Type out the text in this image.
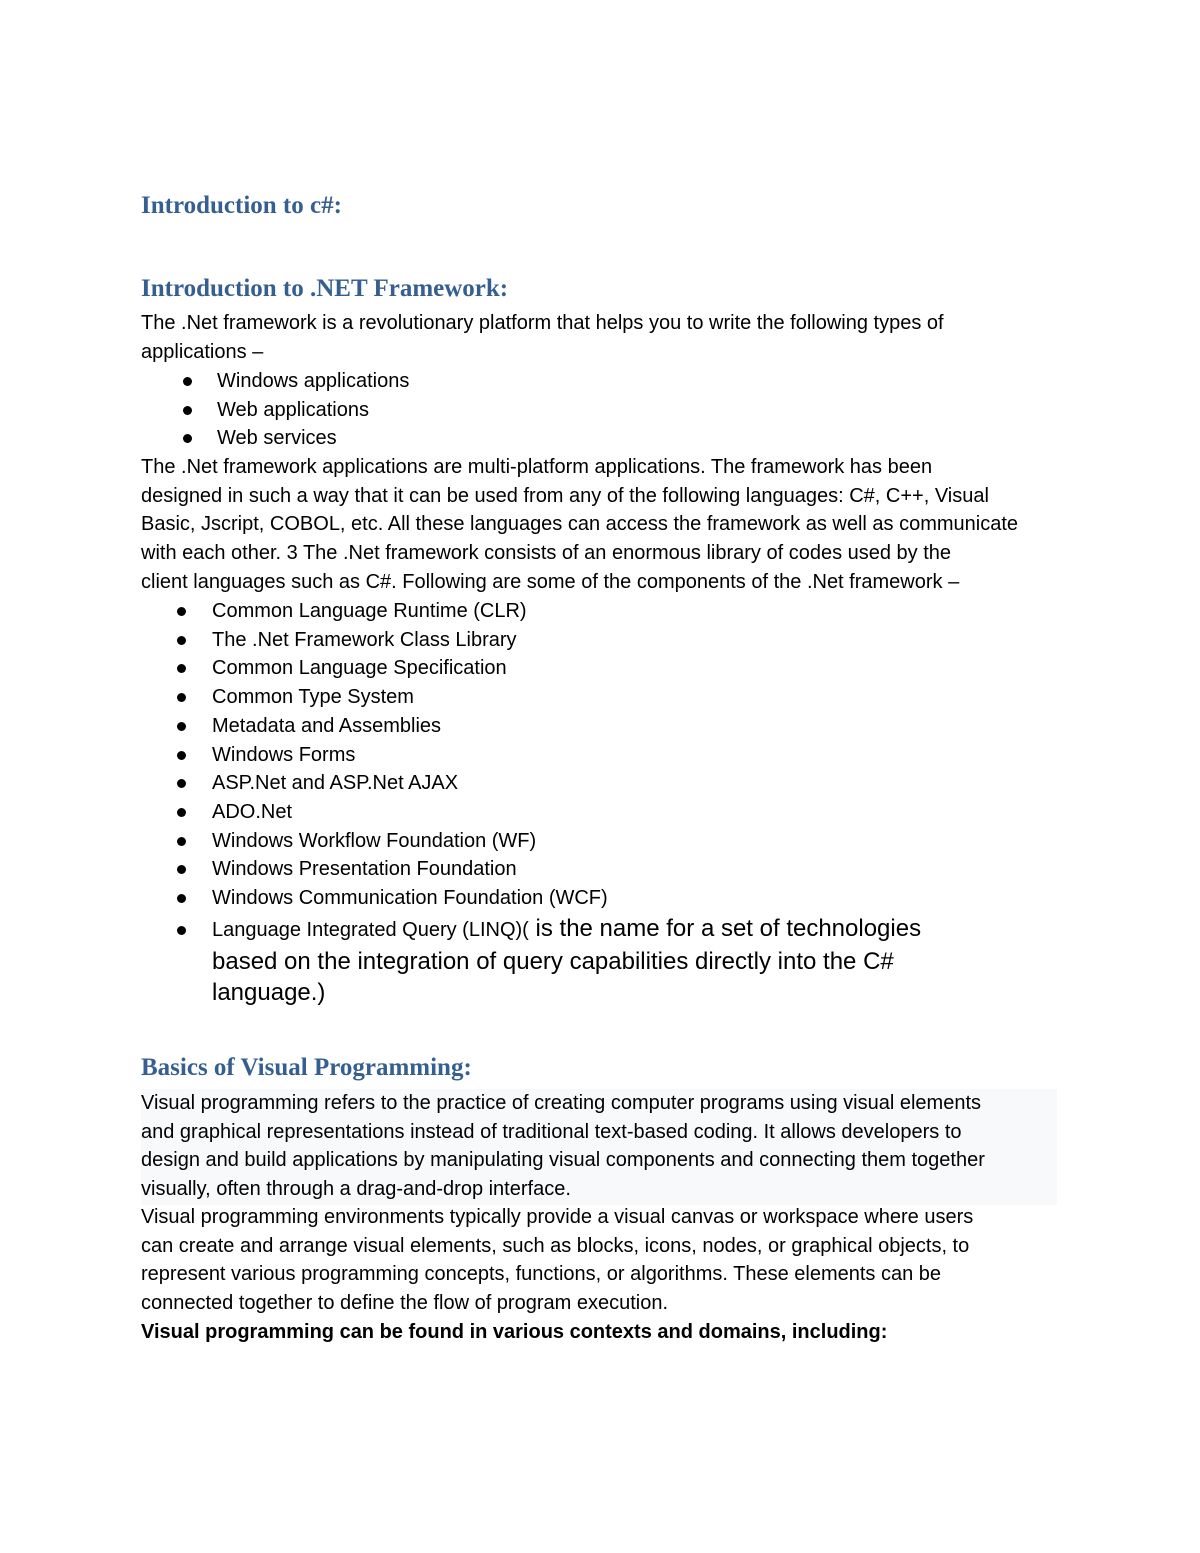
Introduction to c#:
Introduction to .NET Framework:

The .Net framework is a revolutionary platform that helps you to write the following types of
applications –

Windows applications
Web applications
Web services

The .Net framework applications are multi-platform applications. The framework has been
designed in such a way that it can be used from any of the following languages: C#, C++, Visual
Basic, Jscript, COBOL, etc. All these languages can access the framework as well as communicate
with each other. 3 The .Net framework consists of an enormous library of codes used by the
client languages such as C#. Following are some of the components of the .Net framework –

Common Language Runtime (CLR)
The .Net Framework Class Library
Common Language Specification
Common Type System
Metadata and Assemblies
Windows Forms
ASP.Net and ASP.Net AJAX
ADO.Net
Windows Workflow Foundation (WF)
Windows Presentation Foundation
Windows Communication Foundation (WCF)
Language Integrated Query (LINQ)( is the name for a set of technologies
based on the integration of query capabilities directly into the C#
language.)
Basics of Visual Programming:

Visual programming refers to the practice of creating computer programs using visual elements
and graphical representations instead of traditional text-based coding. It allows developers to
design and build applications by manipulating visual components and connecting them together
visually, often through a drag-and-drop interface.

Visual programming environments typically provide a visual canvas or workspace where users
can create and arrange visual elements, such as blocks, icons, nodes, or graphical objects, to
represent various programming concepts, functions, or algorithms. These elements can be
connected together to define the flow of program execution.

Visual programming can be found in various contexts and domains, including:
